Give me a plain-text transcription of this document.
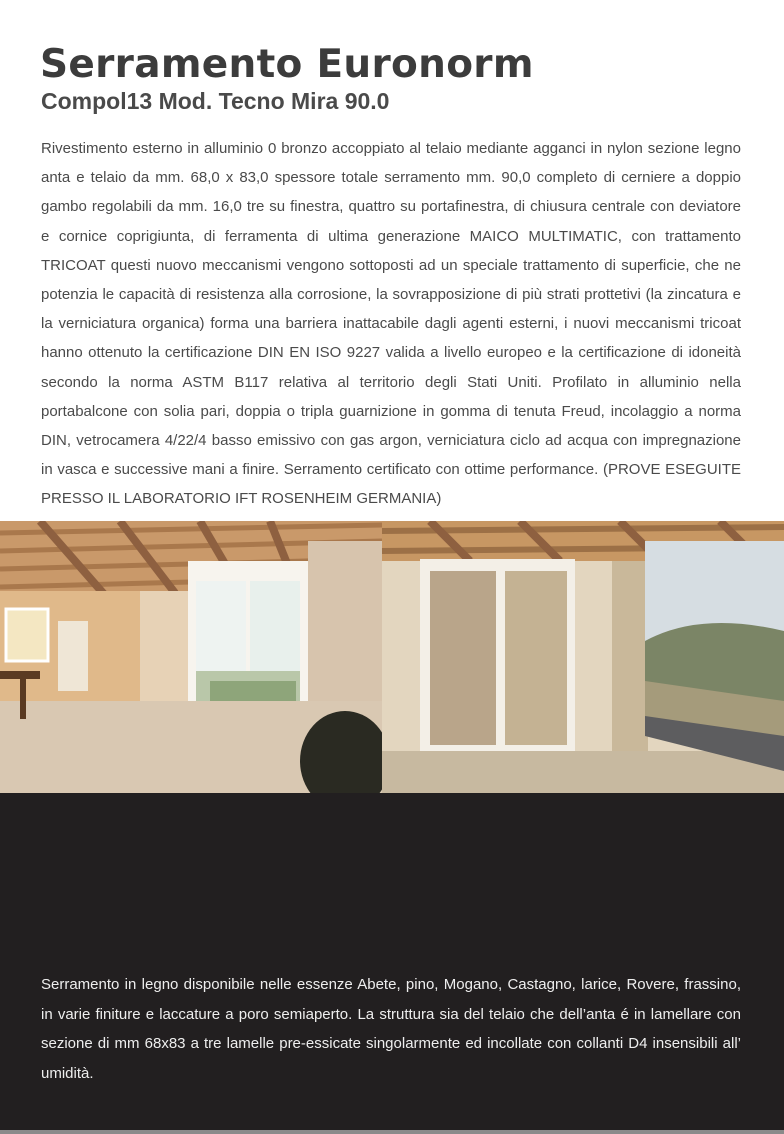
Serramento Euronorm
Compol13 Mod. Tecno Mira 90.0

Rivestimento esterno in alluminio 0 bronzo accoppiato al telaio mediante agganci in nylon sezione legno anta e telaio da mm. 68,0 x 83,0 spessore totale serramento mm. 90,0 completo di cerniere a doppio gambo regolabili da mm. 16,0 tre su finestra, quattro su portafinestra, di chiusura centrale con deviatore e cornice coprigiunta, di ferramenta di ultima generazione MAICO MULTIMATIC, con trattamento TRICOAT questi nuovo meccanismi vengono sottoposti ad un speciale trattamento di superficie, che ne potenzia le capacità di resistenza alla corrosione, la sovrapposizione di più strati prottetivi (la zincatura e la verniciatura organica) forma una barriera inattacabile dagli agenti esterni, i nuovi meccanismi tricoat hanno ottenuto la certificazione DIN EN ISO 9227 valida a livello europeo e la certificazione di idoneità secondo la norma ASTM B117 relativa al territorio degli Stati Uniti. Profilato in alluminio nella portabalcone con solia pari, doppia o tripla guarnizione in gomma di tenuta Freud, incolaggio a norma DIN, vetrocamera 4/22/4 basso emissivo con gas argon, verniciatura ciclo ad acqua con impregnazione in vasca e successive mani a finire. Serramento certificato con ottime performance. (PROVE ESEGUITE PRESSO IL LABORATORIO IFT ROSENHEIM GERMANIA)

Serramento in legno disponibile nelle essenze Abete, pino, Mogano, Castagno, larice, Rovere, frassino, in varie finiture e laccature a poro semiaperto. La struttura sia del telaio che dell’anta é in lamellare con sezione di mm 68x83 a tre lamelle pre-essicate singolarmente ed incollate con collanti D4 insensibili all’ umidità.
